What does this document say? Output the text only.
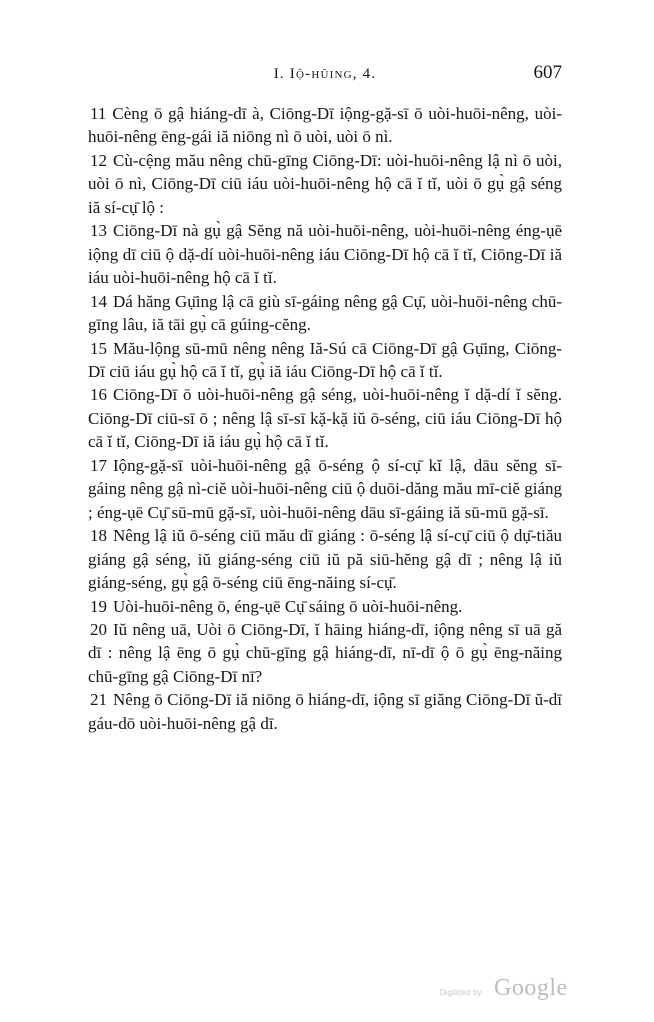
I. Iộ-hŭing, 4.	607

11 Cèng ō gậ hiáng-dī à, Ciōng-Dī iộng-gặ-sī ō uòi-huōi-nêng, uòi-huōi-nêng ēng-gái iă niōng nì ō uòi, uòi ō nì.

12 Cù-cệng mău nêng chū-gīng Ciōng-Dī: uòi-huōi-nêng lậ nì ō uòi, uòi ō nì, Ciōng-Dī ciū iáu uòi-huōi-nêng hộ cā ĭ tĭ, uòi ō gụ̀ gậ séng iă sí-cụ̄ lộ :

13 Ciōng-Dī nà gụ̀ gậ Sĕng nă uòi-huōi-nêng, uòi-huōi-nêng éng-ụē iộng dī ciū ộ dặ-dí uòi-huōi-nêng iáu Ciōng-Dī hộ cā ĭ tĭ, Ciōng-Dī iă iáu uòi-huōi-nêng hộ cā ĭ tĭ.

14 Dá hăng Gụ̄ing lậ cā giù sī-gáing nêng gậ Cụ̄, uòi-huōi-nêng chū-gīng lâu, iă tāi gụ̀ cā gúing-cĕng.

15 Mău-lộng sū-mū nêng nêng Iă-Sú cā Ciōng-Dī gậ Gụ̄ing, Ciōng-Dī ciū iáu gụ̀ hộ cā ĭ tĭ, gụ̀ iă iáu Ciōng-Dī hộ cā ĭ tĭ.

16 Ciōng-Dī ō uòi-huōi-nêng gậ séng, uòi-huōi-nêng ĭ dặ-dí ĭ sĕng. Ciōng-Dī ciū-sī ō ; nêng lậ sī-sī kặ-kặ iŭ ō-séng, ciū iáu Ciōng-Dī hộ cā ĭ tĭ, Ciōng-Dī iă iáu gụ̀ hộ cā ĭ tĭ.

17 Iộng-gặ-sī uòi-huōi-nêng gậ ō-séng ộ sí-cụ̄ kĭ lậ, dāu sĕng sī-gáing nêng gậ nì-ciĕ uòi-huōi-nêng ciū ộ duōi-dăng mău mī-ciĕ giáng ; éng-ụē Cụ̄ sū-mū gặ-sī, uòi-huōi-nêng dāu sī-gáing iă sū-mū gặ-sī.

18 Nêng lậ iŭ ō-séng ciū mău dī giáng : ō-séng lậ sí-cụ̄ ciū ộ dụ̄-tiău giáng gậ séng, iŭ giáng-séng ciū iŭ pă siū-hĕng gậ dī ; nêng lậ iŭ giáng-séng, gụ̀ gậ ō-séng ciū ēng-năing sí-cụ̄.

19 Uòi-huōi-nêng ō, éng-ụē Cụ̄ sáing ō uòi-huōi-nêng.

20 Iŭ nêng uā, Uòi ō Ciōng-Dī, ĭ hāing hiáng-dī, iộng nêng sī uā gă dī : nêng lậ ēng ō gụ̀ chū-gīng gậ hiáng-dī, nī-dī ộ ō gụ̀ ēng-năing chū-gīng gậ Ciōng-Dī nī?

21 Nêng ō Ciōng-Dī iă niōng ō hiáng-dī, iộng sī giăng Ciōng-Dī ŭ-dī gáu-dō uòi-huōi-nêng gậ dī.

Digitized by Google
